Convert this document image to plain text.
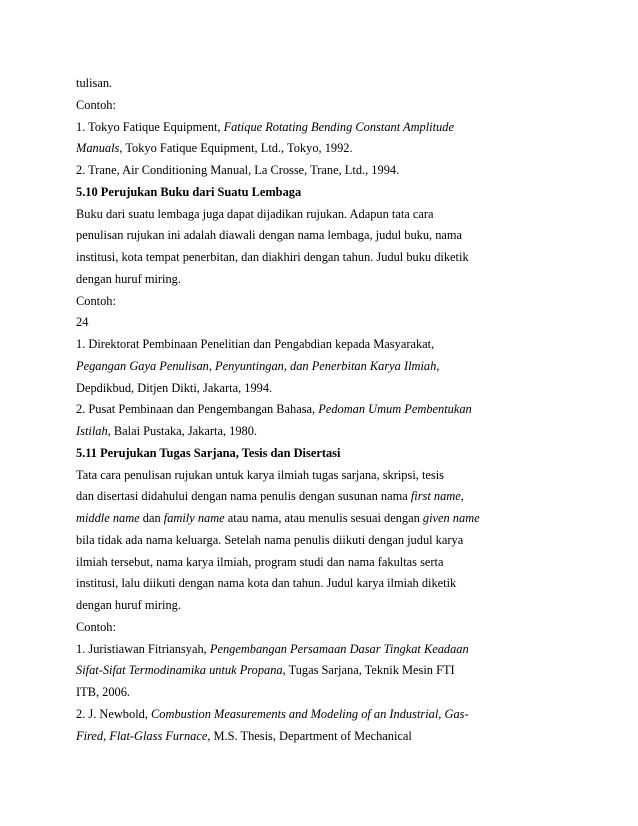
tulisan.

Contoh:

1. Tokyo Fatique Equipment, Fatique Rotating Bending Constant Amplitude

Manuals, Tokyo Fatique Equipment, Ltd., Tokyo, 1992.

2. Trane, Air Conditioning Manual, La Crosse, Trane, Ltd., 1994.

5.10 Perujukan Buku dari Suatu Lembaga

Buku dari suatu lembaga juga dapat dijadikan rujukan. Adapun tata cara

penulisan rujukan ini adalah diawali dengan nama lembaga, judul buku, nama

institusi, kota tempat penerbitan, dan diakhiri dengan tahun. Judul buku diketik

dengan huruf miring.

Contoh:

24

1. Direktorat Pembinaan Penelitian dan Pengabdian kepada Masyarakat,

Pegangan Gaya Penulisan, Penyuntingan, dan Penerbitan Karya Ilmiah,

Depdikbud, Ditjen Dikti, Jakarta, 1994.

2. Pusat Pembinaan dan Pengembangan Bahasa, Pedoman Umum Pembentukan

Istilah, Balai Pustaka, Jakarta, 1980.

5.11 Perujukan Tugas Sarjana, Tesis dan Disertasi

Tata cara penulisan rujukan untuk karya ilmiah tugas sarjana, skripsi, tesis

dan disertasi didahului dengan nama penulis dengan susunan nama first name,

middle name dan family name atau nama, atau menulis sesuai dengan given name

bila tidak ada nama keluarga. Setelah nama penulis diikuti dengan judul karya

ilmiah tersebut, nama karya ilmiah, program studi dan nama fakultas serta

institusi, lalu diikuti dengan nama kota dan tahun. Judul karya ilmiah diketik

dengan huruf miring.

Contoh:

1. Juristiawan Fitriansyah, Pengembangan Persamaan Dasar Tingkat Keadaan

Sifat-Sifat Termodinamika untuk Propana, Tugas Sarjana, Teknik Mesin FTI

ITB, 2006.

2. J. Newbold, Combustion Measurements and Modeling of an Industrial, Gas-

Fired, Flat-Glass Furnace, M.S. Thesis, Department of Mechanical
